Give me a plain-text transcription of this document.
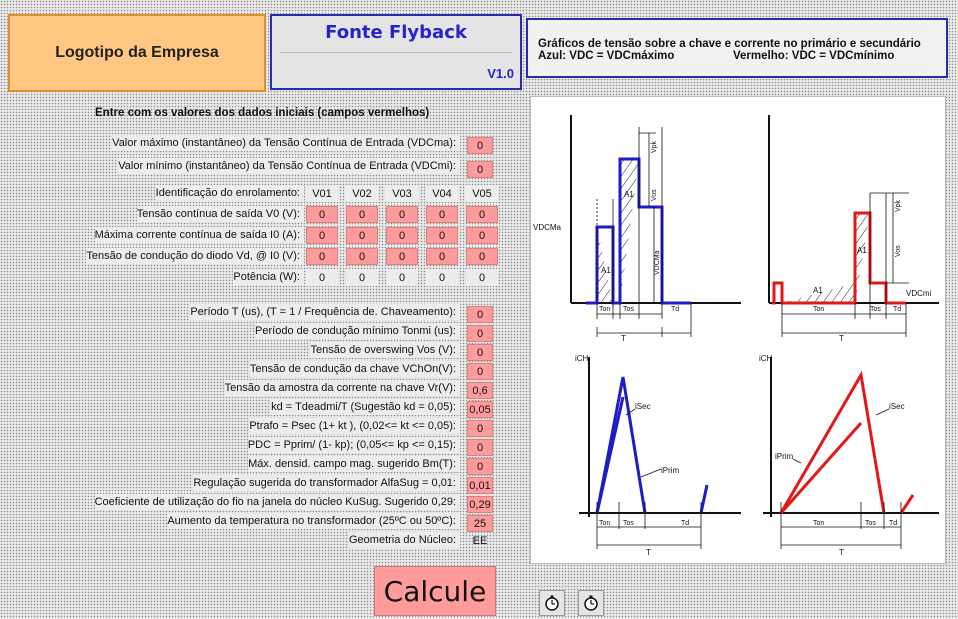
Logotipo da Empresa
Fonte Flyback
V1.0
Gráficos de tensão sobre a chave e corrente no primário e secundário
Azul: VDC = VDCmáximo	Vermelho: VDC = VDCmínimo
Entre com os valores dos dados iniciais (campos vermelhos)
Valor máximo (instantâneo) da Tensão Contínua de Entrada (VDCma):	0
Valor mínimo (instantâneo) da Tensão Contínua de Entrada (VDCmi):	0
Identificação do enrolamento:	V01	V02	V03	V04	V05
Tensão contínua de saída V0 (V):	0	0	0	0	0
Máxima corrente contínua de saída I0 (A):	0	0	0	0	0
Tensão de condução do diodo Vd, @ I0 (V):	0	0	0	0	0
Potência (W):	0	0	0	0	0
Período T (us), (T = 1 / Frequência de. Chaveamento):	0
Período de condução mínimo Tonmi (us):	0
Tensão de overswing Vos (V):	0
Tensão de condução da chave VChOn(V):	0
Tensão da amostra da corrente na chave Vr(V):	0,6
kd = Tdeadmi/T (Sugestão kd = 0,05):	0,05
Ptrafo = Psec (1+ kt ), (0,02<= kt <= 0,05):	0
PDC = Pprim/ (1- kp); (0,05<= kp <= 0,15):	0
Máx. densid. campo mag. sugerido Bm(T):	0
Regulação sugerida do transformador AlfaSug = 0,01:	0,01
Coeficiente de utilização do fio na janela do núcleo KuSug. Sugerido 0,29:	0,29
Aumento da temperatura no transformador (25ºC ou 50ºC):	25
Geometria do Núcleo:	EE
VDCMa
A1
A1
Vpk
Vos
VDCMa
Ton Tos	Td
T
A1
A1
Vpk
Vos
VDCmi
Ton	Tos Td
T
iCH
iSec
iPrim
Ton Tos	Td
T
iCH
iSec
iPrim
Ton	Tos Td
T
Calcule
